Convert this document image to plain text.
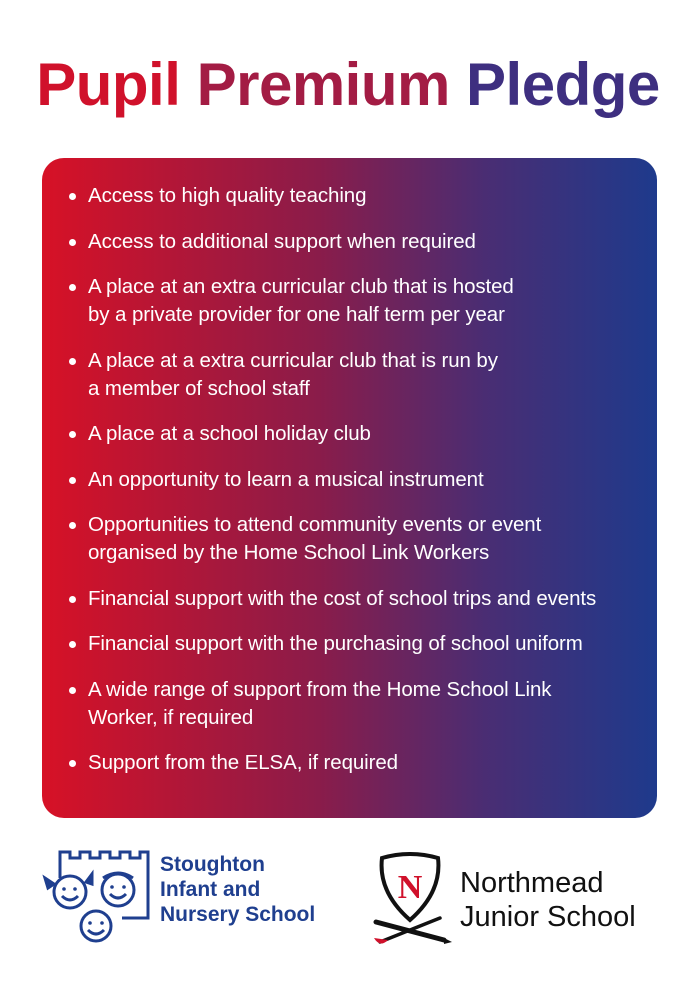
Pupil Premium Pledge
Access to high quality teaching
Access to additional support when required
A place at an extra curricular club that is hosted
by a private provider for one half term per year
A place at a extra curricular club that is run by
a member of school staff
A place at a school holiday club
An opportunity to learn a musical instrument
Opportunities to attend community events or event
organised by the Home School Link Workers
Financial support with the cost of school trips and events
Financial support with the purchasing of school uniform
A wide range of support from the Home School Link
Worker, if required
Support from the ELSA, if required
Stoughton
Infant and
Nursery School
N Northmead
Junior School
